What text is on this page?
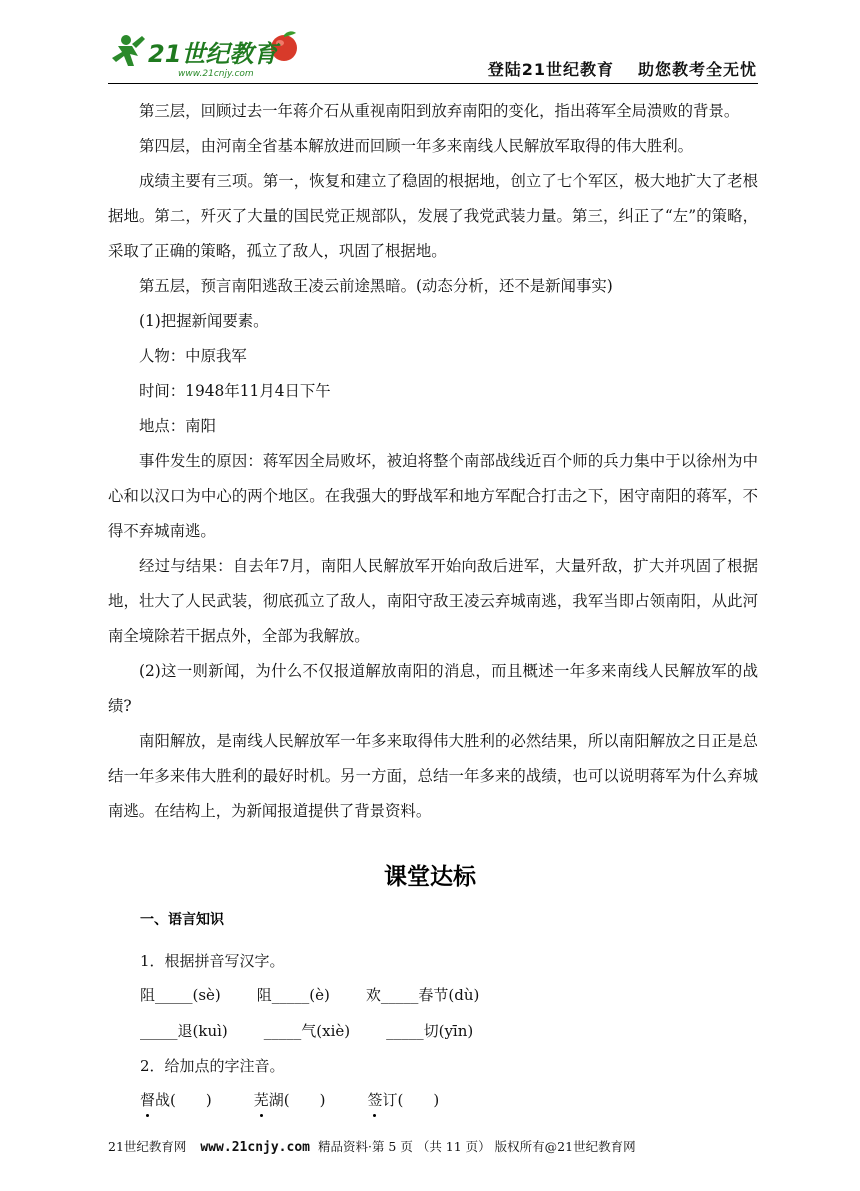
21世纪教育
www.21cnjy.com	登陆21世纪教育 助您教考全无忧

第三层，回顾过去一年蒋介石从重视南阳到放弃南阳的变化，指出蒋军全局溃败的背景。

第四层，由河南全省基本解放进而回顾一年多来南线人民解放军取得的伟大胜利。

成绩主要有三项。第一，恢复和建立了稳固的根据地，创立了七个军区，极大地扩大了老根据地。第二，歼灭了大量的国民党正规部队，发展了我党武装力量。第三，纠正了“左”的策略，采取了正确的策略，孤立了敌人，巩固了根据地。

第五层，预言南阳逃敌王凌云前途黑暗。(动态分析，还不是新闻事实)

(1)把握新闻要素。

人物：中原我军

时间：1948年11月4日下午

地点：南阳

事件发生的原因：蒋军因全局败坏，被迫将整个南部战线近百个师的兵力集中于以徐州为中心和以汉口为中心的两个地区。在我强大的野战军和地方军配合打击之下，困守南阳的蒋军，不得不弃城南逃。

经过与结果：自去年7月，南阳人民解放军开始向敌后进军，大量歼敌，扩大并巩固了根据地，壮大了人民武装，彻底孤立了敌人，南阳守敌王凌云弃城南逃，我军当即占领南阳，从此河南全境除若干据点外，全部为我解放。

(2)这一则新闻，为什么不仅报道解放南阳的消息，而且概述一年多来南线人民解放军的战绩?

南阳解放，是南线人民解放军一年多来取得伟大胜利的必然结果，所以南阳解放之日正是总结一年多来伟大胜利的最好时机。另一方面，总结一年多来的战绩，也可以说明蒋军为什么弃城南逃。在结构上，为新闻报道提供了背景资料。

课堂达标
一、语言知识
1．根据拼音写汉字。
阻_____(sè) 阻_____(è) 欢_____春节(dù)
_____退(kuì) _____气(xiè) _____切(yīn)
2．给加点的字注音。
督战(　　)	芜湖(　　)	签订(　　)
21世纪教育网 www.21cnjy.com 精品资料·第 5 页 （共 11 页） 版权所有@21世纪教育网
